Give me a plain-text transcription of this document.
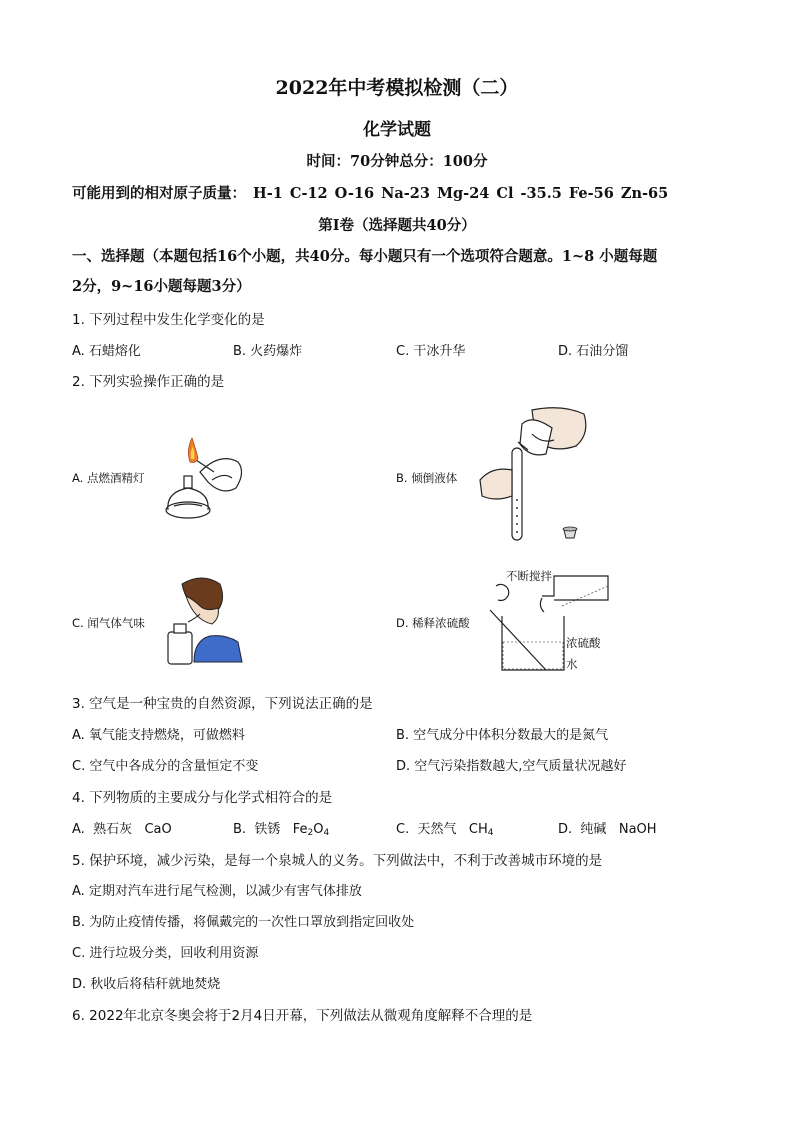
2022年中考模拟检测（二）
化学试题
时间：70分钟总分：100分
可能用到的相对原子质量： H-1 C-12 O-16 Na-23 Mg-24 Cl -35.5 Fe-56 Zn-65
第Ⅰ卷（选择题共40分）
一、选择题（本题包括16个小题，共40分。每小题只有一个选项符合题意。1~8 小题每题
2分，9~16小题每题3分）
1. 下列过程中发生化学变化的是
A. 石蜡熔化	B. 火药爆炸	C. 干冰升华	D. 石油分馏
2. 下列实验操作正确的是
A. 点燃酒精灯	B. 倾倒液体
C. 闻气体气味	D. 稀释浓硫酸
不断搅拌
浓硫酸
水
3. 空气是一种宝贵的自然资源，下列说法正确的是
A. 氧气能支持燃烧，可做燃料	B. 空气成分中体积分数最大的是氮气
C. 空气中各成分的含量恒定不变	D. 空气污染指数越大,空气质量状况越好
4. 下列物质的主要成分与化学式相符合的是
A. 熟石灰 CaO	B. 铁锈 $Fe_2O_4$	C. 天然气 $CH_4$	D. 纯碱 NaOH
5. 保护环境，减少污染，是每一个泉城人的义务。下列做法中，不利于改善城市环境的是
A. 定期对汽车进行尾气检测，以减少有害气体排放
B. 为防止疫情传播，将佩戴完的一次性口罩放到指定回收处
C. 进行垃圾分类，回收利用资源
D. 秋收后将秸秆就地焚烧
6. 2022年北京冬奥会将于2月4日开幕，下列做法从微观角度解释不合理的是
